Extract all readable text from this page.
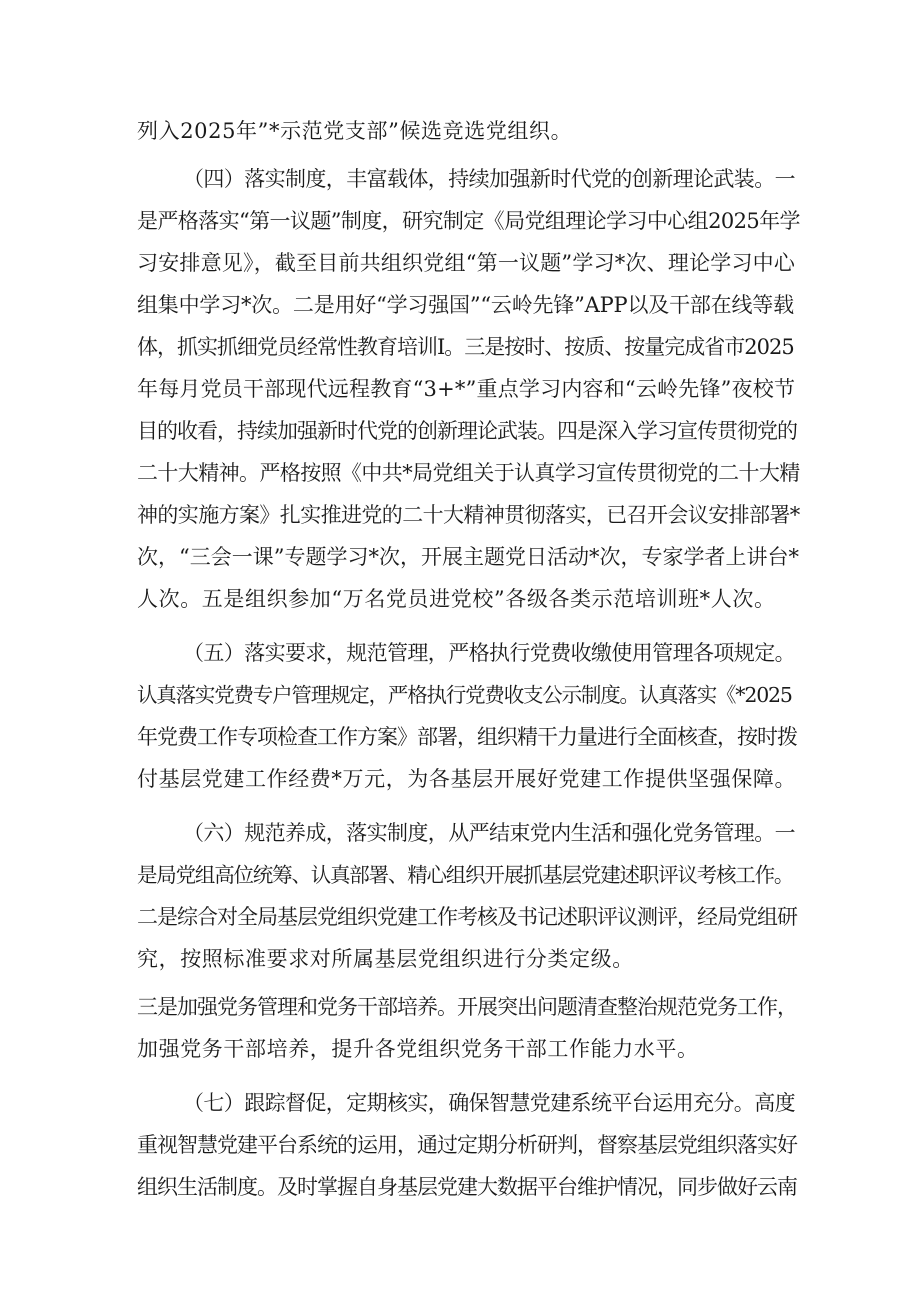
列入2025年”*示范党支部”候选竞选党组织。
（四）落实制度，丰富载体，持续加强新时代党的创新理论武装。一
是严格落实“第一议题”制度，研究制定《局党组理论学习中心组2025年学
习安排意见》，截至目前共组织党组“第一议题”学习*次、理论学习中心
组集中学习*次。二是用好“学习强国”“云岭先锋”APP以及干部在线等载
体，抓实抓细党员经常性教育培训I。三是按时、按质、按量完成省市2025
年每月党员干部现代远程教育“3+*”重点学习内容和“云岭先锋”夜校节
目的收看，持续加强新时代党的创新理论武装。四是深入学习宣传贯彻党的
二十大精神。严格按照《中共*局党组关于认真学习宣传贯彻党的二十大精
神的实施方案》扎实推进党的二十大精神贯彻落实，已召开会议安排部署*
次，“三会一课”专题学习*次，开展主题党日活动*次，专家学者上讲台*
人次。五是组织参加“万名党员进党校”各级各类示范培训班*人次。
（五）落实要求，规范管理，严格执行党费收缴使用管理各项规定。
认真落实党费专户管理规定，严格执行党费收支公示制度。认真落实《*2025
年党费工作专项检查工作方案》部署，组织精干力量进行全面核查，按时拨
付基层党建工作经费*万元，为各基层开展好党建工作提供坚强保障。
（六）规范养成，落实制度，从严结束党内生活和强化党务管理。一
是局党组高位统筹、认真部署、精心组织开展抓基层党建述职评议考核工作。
二是综合对全局基层党组织党建工作考核及书记述职评议测评，经局党组研
究，按照标准要求对所属基层党组织进行分类定级。
三是加强党务管理和党务干部培养。开展突出问题清查整治规范党务工作，
加强党务干部培养，提升各党组织党务干部工作能力水平。
（七）跟踪督促，定期核实，确保智慧党建系统平台运用充分。高度
重视智慧党建平台系统的运用，通过定期分析研判，督察基层党组织落实好
组织生活制度。及时掌握自身基层党建大数据平台维护情况，同步做好云南
